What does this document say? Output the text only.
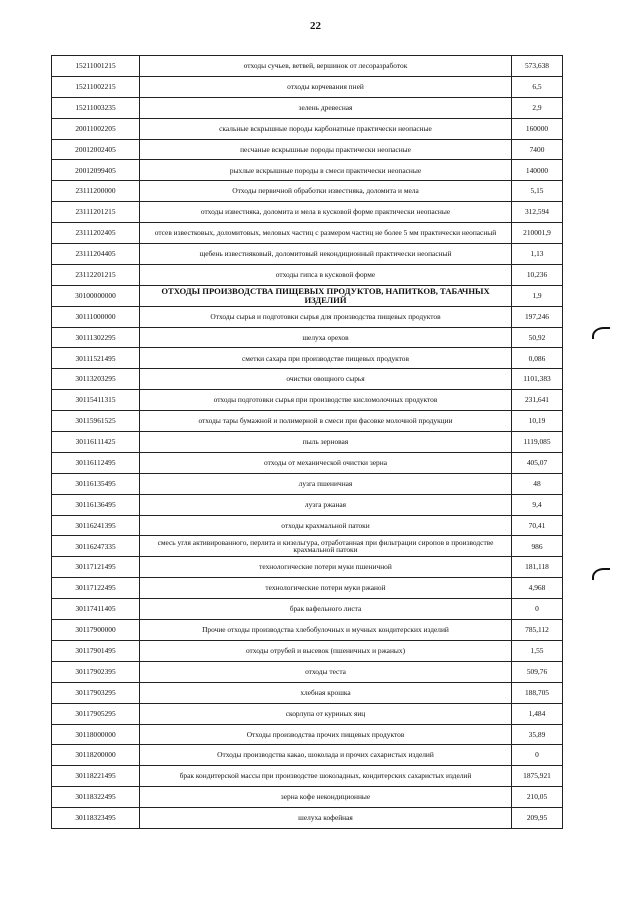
22
15211001215	отходы сучьев, ветвей, вершинок от лесоразработок	573,638
15211002215	отходы корчевания пней	6,5
15211003235	зелень древесная	2,9
20011002205	скальные вскрышные породы карбонатные практически неопасные	160000
20012002405	песчаные вскрышные породы практически неопасные	7400
20012099405	рыхлые вскрышные породы в смеси практически неопасные	140000
23111200000	Отходы первичной обработки известняка, доломита и мела	5,15
23111201215	отходы известняка, доломита и мела в кусковой форме практически неопасные	312,594
23111202405	отсев известковых, доломитовых, меловых частиц с размером частиц не более 5 мм практически неопасный	210001,9
23111204405	щебень известняковый, доломитовый некондиционный практически неопасный	1,13
23112201215	отходы гипса в кусковой форме	10,236
30100000000	ОТХОДЫ ПРОИЗВОДСТВА ПИЩЕВЫХ ПРОДУКТОВ, НАПИТКОВ, ТАБАЧНЫХ ИЗДЕЛИЙ	1,9
30111000000	Отходы сырья и подготовки сырья для производства пищевых продуктов	197,246
30111302295	шелуха орехов	50,92
30111521495	сметки сахара при производстве пищевых продуктов	0,086
30113203295	очистки овощного сырья	1101,383
30115411315	отходы подготовки сырья при производстве кисломолочных продуктов	231,641
30115961525	отходы тары бумажной и полимерной в смеси при фасовке молочной продукции	10,19
30116111425	пыль зерновая	1119,085
30116112495	отходы от механической очистки зерна	405,07
30116135495	лузга пшеничная	48
30116136495	лузга ржаная	9,4
30116241395	отходы крахмальной патоки	70,41
30116247335	смесь угля активированного, перлита и кизельгура, отработанная при фильтрации сиропов в производстве крахмальной патоки	986
30117121495	технологические потери муки пшеничной	181,118
30117122495	технологические потери муки ржаной	4,968
30117411405	брак вафельного листа	0
30117900000	Прочие отходы производства хлебобулочных и мучных кондитерских изделий	785,112
30117901495	отходы отрубей и высевок (пшеничных и ржаных)	1,55
30117902395	отходы теста	509,76
30117903295	хлебная крошка	188,705
30117905295	скорлупа от куриных яиц	1,484
30118000000	Отходы производства прочих пищевых продуктов	35,89
30118200000	Отходы производства какао, шоколада и прочих сахаристых изделий	0
30118221495	брак кондитерской массы при производстве шоколадных, кондитерских сахаристых изделий	1875,921
30118322495	зерна кофе некондиционные	210,05
30118323495	шелуха кофейная	209,95
